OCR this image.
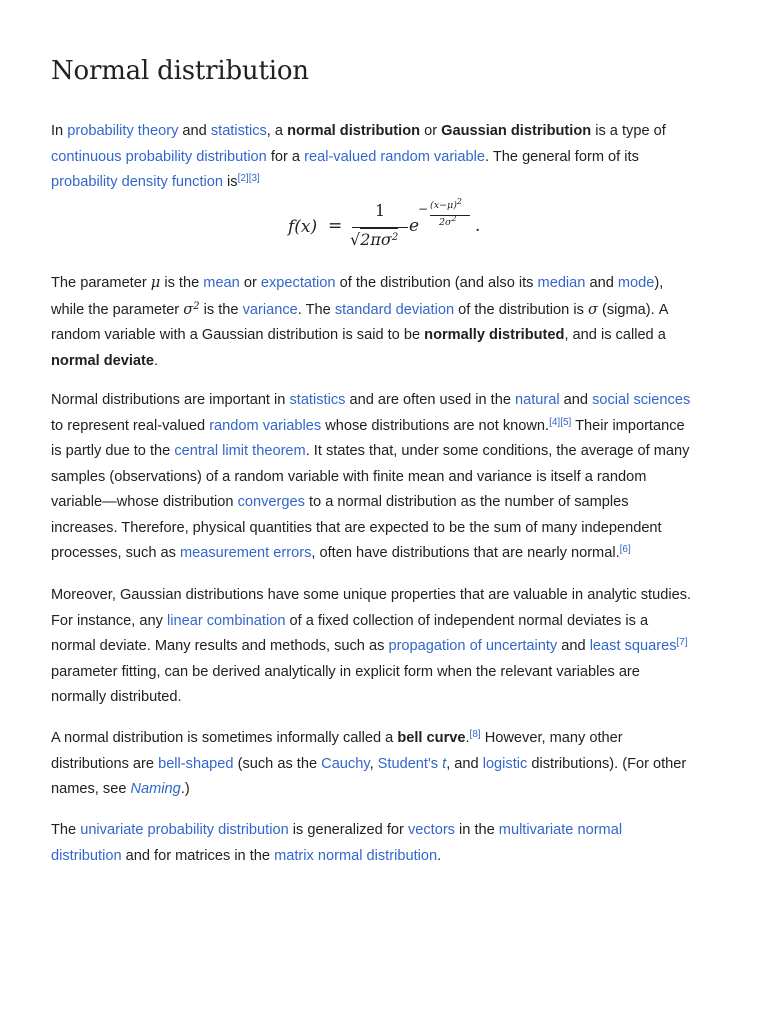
Normal distribution

In probability theory and statistics, a normal distribution or Gaussian distribution is a type of
continuous probability distribution for a real-valued random variable. The general form of its
probability density function is[2][3]

f(x) =
1
$√2\pi\sigma^2$
e
− $(x-\mu)^2$
$2\sigma^2$ .

The parameter μ is the mean or expectation of the distribution (and also its median and mode),
while the parameter $\sigma^2$ is the variance. The standard deviation of the distribution is σ (sigma). A
random variable with a Gaussian distribution is said to be normally distributed, and is called a
normal deviate.

Normal distributions are important in statistics and are often used in the natural and social sciences
to represent real-valued random variables whose distributions are not known.[4][5] Their importance
is partly due to the central limit theorem. It states that, under some conditions, the average of many
samples (observations) of a random variable with finite mean and variance is itself a random
variable—whose distribution converges to a normal distribution as the number of samples
increases. Therefore, physical quantities that are expected to be the sum of many independent
processes, such as measurement errors, often have distributions that are nearly normal.[6]

Moreover, Gaussian distributions have some unique properties that are valuable in analytic studies.
For instance, any linear combination of a fixed collection of independent normal deviates is a
normal deviate. Many results and methods, such as propagation of uncertainty and least squares[7]
parameter fitting, can be derived analytically in explicit form when the relevant variables are
normally distributed.

A normal distribution is sometimes informally called a bell curve.[8] However, many other
distributions are bell-shaped (such as the Cauchy, Student's t, and logistic distributions). (For other
names, see Naming.)

The univariate probability distribution is generalized for vectors in the multivariate normal
distribution and for matrices in the matrix normal distribution.
